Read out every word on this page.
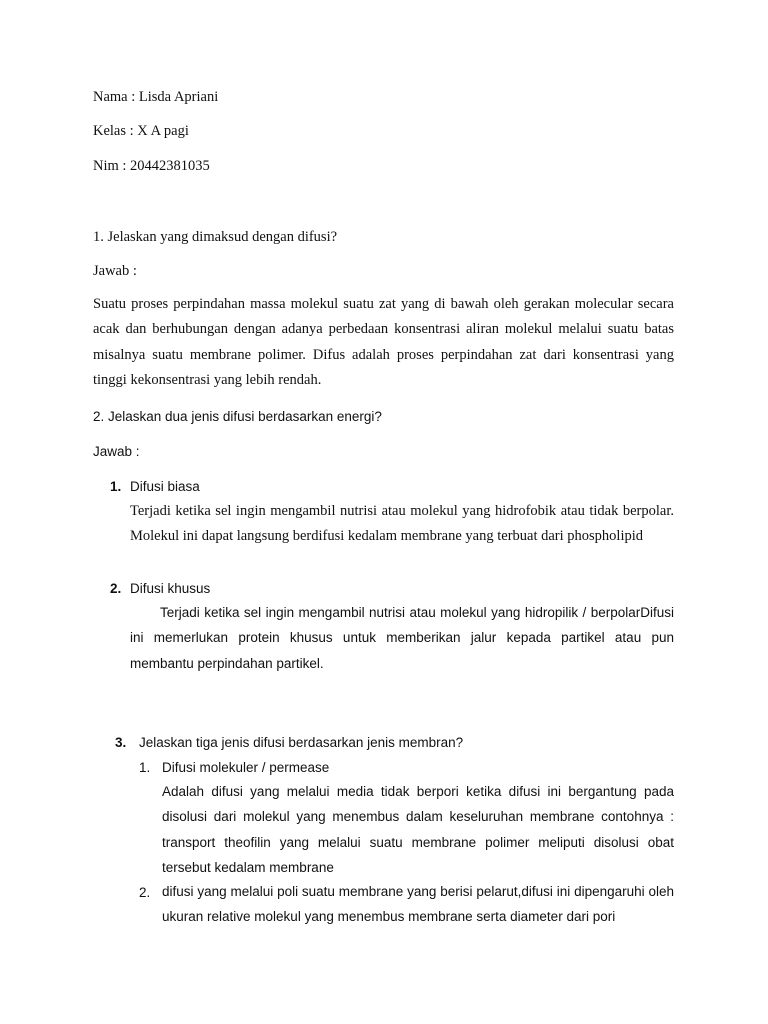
Nama : Lisda Apriani
Kelas : X A pagi
Nim : 20442381035
1. Jelaskan yang dimaksud dengan difusi?
Jawab :
Suatu proses perpindahan massa molekul suatu zat yang di bawah oleh gerakan molecular secara acak dan berhubungan dengan adanya perbedaan konsentrasi aliran molekul melalui suatu batas misalnya suatu membrane polimer. Difus adalah proses perpindahan zat dari konsentrasi yang tinggi kekonsentrasi yang lebih rendah.
2. Jelaskan dua jenis difusi berdasarkan energi?
Jawab :
1. Difusi biasa
Terjadi ketika sel ingin mengambil nutrisi atau molekul yang hidrofobik atau tidak berpolar. Molekul ini dapat langsung berdifusi kedalam membrane yang terbuat dari phospholipid
2. Difusi khusus
Terjadi ketika sel ingin mengambil nutrisi atau molekul yang hidropilik / berpolarDifusi ini memerlukan protein khusus untuk memberikan jalur kepada partikel atau pun membantu perpindahan partikel.
3. Jelaskan tiga jenis difusi berdasarkan jenis membran?
1. Difusi molekuler / permease
Adalah difusi yang melalui media tidak berpori ketika difusi ini bergantung pada disolusi dari molekul yang menembus dalam keseluruhan membrane contohnya : transport theofilin yang melalui suatu membrane polimer meliputi disolusi obat tersebut kedalam membrane
2. difusi yang melalui poli suatu membrane yang berisi pelarut,difusi ini dipengaruhi oleh ukuran relative molekul yang menembus membrane serta diameter dari pori
